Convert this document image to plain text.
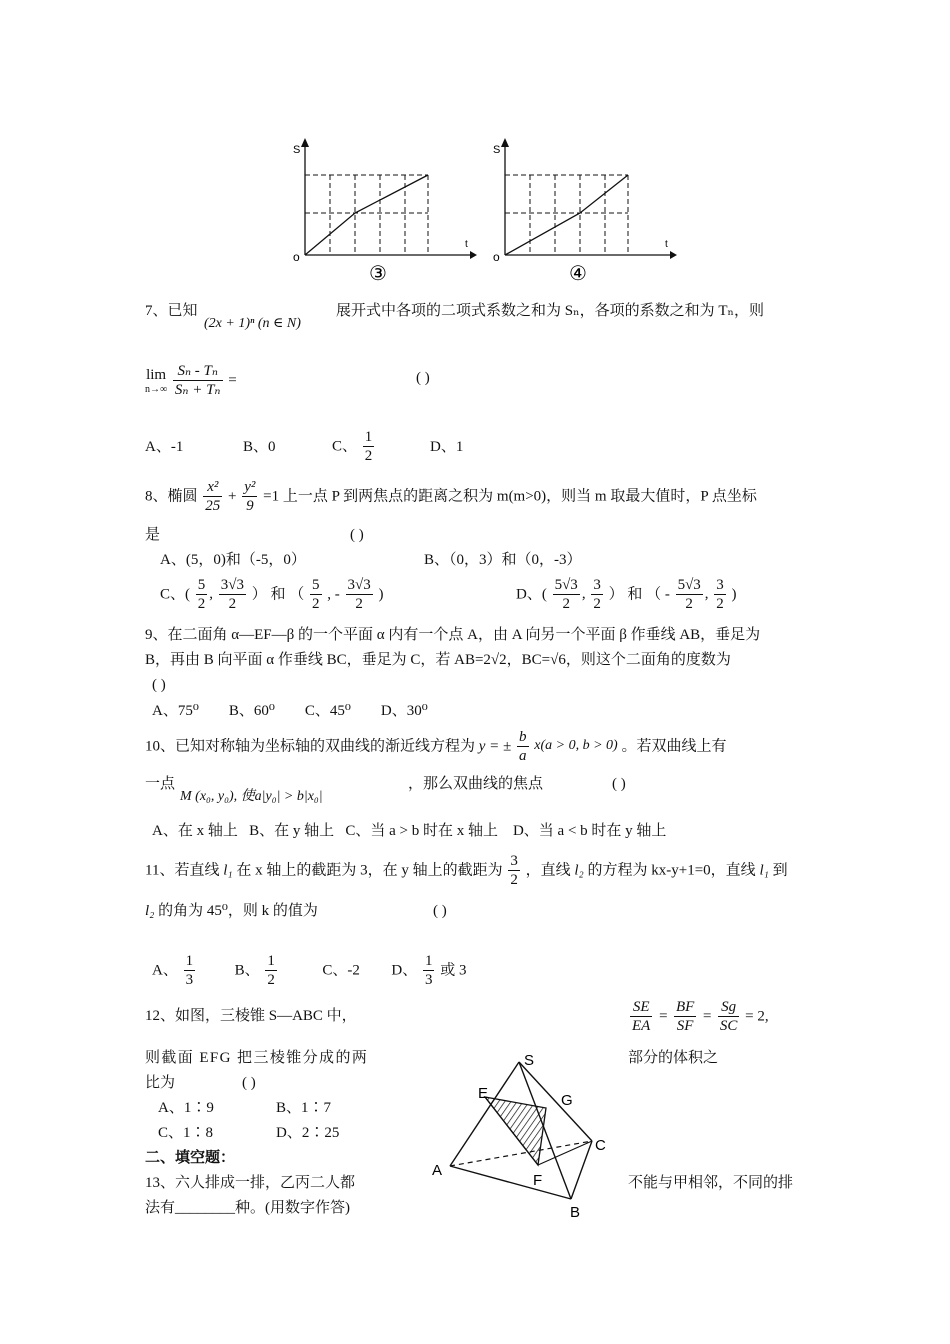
S
t
o
③
S
t
o
④
7、已知
(2x + 1)ⁿ (n ∈ N)
展开式中各项的二项式系数之和为 Sₙ，各项的系数之和为 Tₙ，则
lim
n→∞
$\frac{\text{Sₙ - Tₙ}}{\text{Sₙ + Tₙ}}$ =	( )
A、-1	B、0	C、 $\frac{1}{2}$	D、1
8、椭圆 $\frac{\text{x²}}{25} + \frac{\text{y²}}{9} =1$ 上一点 P 到两焦点的距离之积为 m(m>0)，则当 m 取最大值时，P 点坐标
是	( )
A、(5，0)和（-5，0）	B、（0，3）和（0，-3）
C、( $\frac{5}{2}$ , $\frac{3√3}{2}$ ） 和 （ $\frac{5}{2}$ , - $\frac{3√3}{2}$ )	D、( $\frac{5√3}{2}$ , $\frac{3}{2}$ ） 和 （ - $\frac{5√3}{2}$ , $\frac{3}{2}$ )
9、在二面角 α—EF—β 的一个平面 α 内有一个点 A，由 A 向另一个平面 β 作垂线 AB，垂足为
B，再由 B 向平面 α 作垂线 BC，垂足为 C，若 AB=2√2，BC=√6，则这个二面角的度数为
( )
A、75⁰        B、60⁰        C、45⁰        D、30⁰
10、已知对称轴为坐标轴的双曲线的渐近线方程为 y = ± $\frac{b}{a} x(a > 0$, b > 0) 。若双曲线上有
一点
M (x₀, y₀), 使a|y₀| > b|x₀|
，那么双曲线的焦点	( )
A、在 x 轴上   B、在 y 轴上   C、当 a > b 时在 x 轴上    D、当 a < b 时在 y 轴上
11、若直线 l₁ 在 x 轴上的截距为 3，在 y 轴上的截距为 $\frac{3}{2}$ ，直线 l₂ 的方程为 kx-y+1=0，直线 l₁ 到
l₂ 的角为 45⁰，则 k 的值为	( )
A、 $\frac{1}{3}$	B、 $\frac{1}{2}$	C、-2 D、 $\frac{1}{3}$ 或 3
12、如图，三棱锥 S—ABC 中，	$\frac{SE}{EA} = \frac{BF}{SF} = \frac{Sg}{SC} = 2$,
则截面 EFG 把三棱锥分成的两	部分的体积之
比为	( )
A、1∶9	B、1∶7
C、1∶8	D、2∶25
S
E	G
C
A
F
B
二、填空题：
13、六人排成一排，乙丙二人都	不能与甲相邻，不同的排
法有________种。(用数字作答)
